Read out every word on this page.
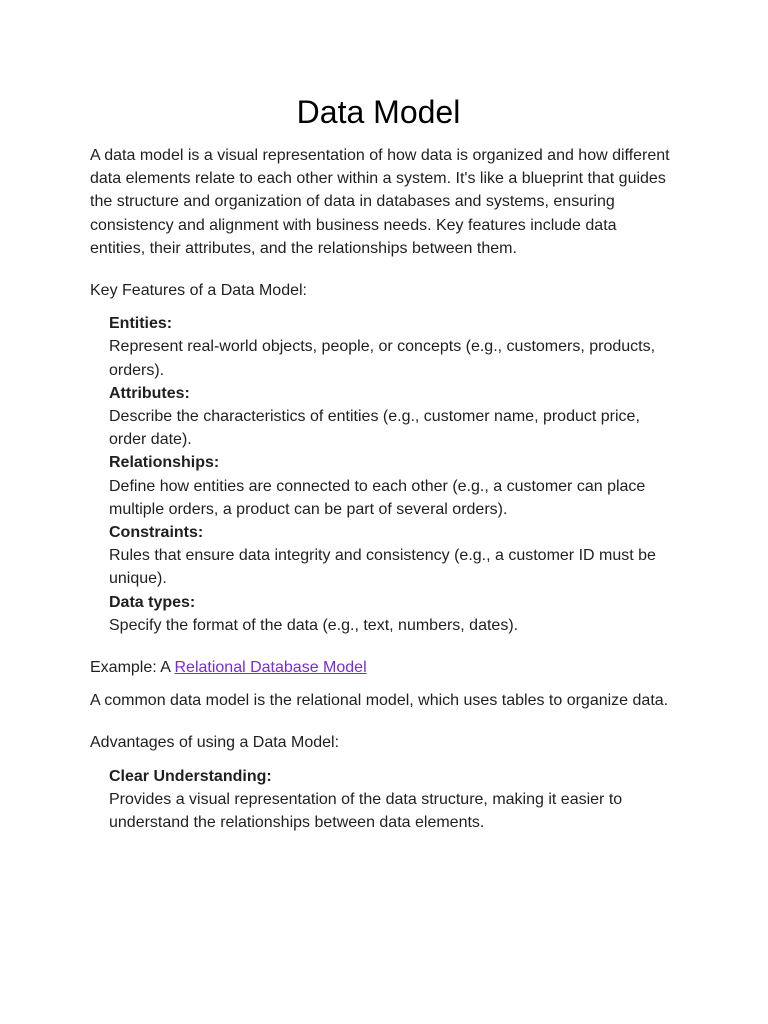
Data Model

A data model is a visual representation of how data is organized and how different data elements relate to each other within a system. It's like a blueprint that guides the structure and organization of data in databases and systems, ensuring consistency and alignment with business needs. Key features include data entities, their attributes, and the relationships between them.

Key Features of a Data Model:

Entities:
Represent real-world objects, people, or concepts (e.g., customers, products, orders).
Attributes:
Describe the characteristics of entities (e.g., customer name, product price, order date).
Relationships:
Define how entities are connected to each other (e.g., a customer can place multiple orders, a product can be part of several orders).
Constraints:
Rules that ensure data integrity and consistency (e.g., a customer ID must be unique).
Data types:
Specify the format of the data (e.g., text, numbers, dates).

Example: A Relational Database Model

A common data model is the relational model, which uses tables to organize data.

Advantages of using a Data Model:

Clear Understanding:
Provides a visual representation of the data structure, making it easier to understand the relationships between data elements.
